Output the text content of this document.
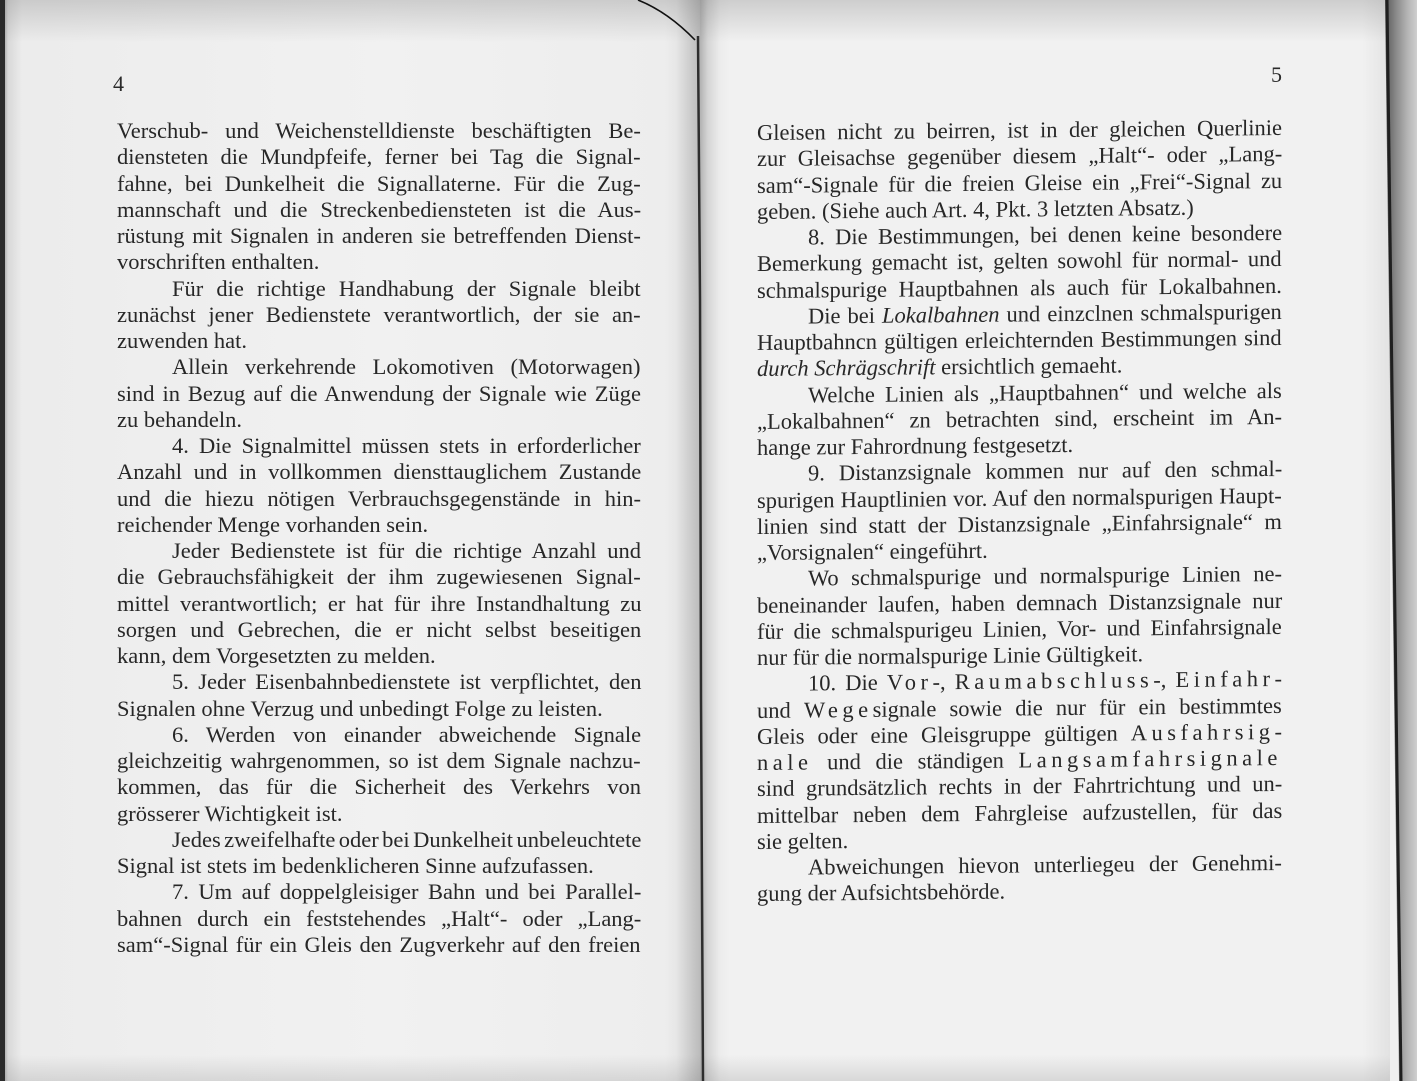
4
Verschub- und Weichenstelldienste beschäftigten Be-
diensteten die Mundpfeife, ferner bei Tag die Signal-
fahne, bei Dunkelheit die Signallaterne. Für die Zug-
mannschaft und die Streckenbediensteten ist die Aus-
rüstung mit Signalen in anderen sie betreffenden Dienst-
vorschriften enthalten.
Für die richtige Handhabung der Signale bleibt
zunächst jener Bedienstete verantwortlich, der sie an-
zuwenden hat.
Allein verkehrende Lokomotiven (Motorwagen)
sind in Bezug auf die Anwendung der Signale wie Züge
zu behandeln.
4. Die Signalmittel müssen stets in erforderlicher
Anzahl und in vollkommen diensttauglichem Zustande
und die hiezu nötigen Verbrauchsgegenstände in hin-
reichender Menge vorhanden sein.
Jeder Bedienstete ist für die richtige Anzahl und
die Gebrauchsfähigkeit der ihm zugewiesenen Signal-
mittel verantwortlich; er hat für ihre Instandhaltung zu
sorgen und Gebrechen, die er nicht selbst beseitigen
kann, dem Vorgesetzten zu melden.
5. Jeder Eisenbahnbedienstete ist verpflichtet, den
Signalen ohne Verzug und unbedingt Folge zu leisten.
6. Werden von einander abweichende Signale
gleichzeitig wahrgenommen, so ist dem Signale nachzu-
kommen, das für die Sicherheit des Verkehrs von
grösserer Wichtigkeit ist.
Jedes zweifelhafte oder bei Dunkelheit unbeleuchtete
Signal ist stets im bedenklicheren Sinne aufzufassen.
7. Um auf doppelgleisiger Bahn und bei Parallel-
bahnen durch ein feststehendes „Halt“- oder „Lang-
sam“-Signal für ein Gleis den Zugverkehr auf den freien
5
Gleisen nicht zu beirren, ist in der gleichen Querlinie
zur Gleisachse gegenüber diesem „Halt“- oder „Lang-
sam“-Signale für die freien Gleise ein „Frei“-Signal zu
geben. (Siehe auch Art. 4, Pkt. 3 letzten Absatz.)
8. Die Bestimmungen, bei denen keine besondere
Bemerkung gemacht ist, gelten sowohl für normal- und
schmalspurige Hauptbahnen als auch für Lokalbahnen.
Die bei Lokalbahnen und einzclnen schmalspurigen
Hauptbahncn gültigen erleichternden Bestimmungen sind
durch Schrägschrift ersichtlich gemaeht.
Welche Linien als „Hauptbahnen“ und welche als
„Lokalbahnen“ zn betrachten sind, erscheint im An-
hange zur Fahrordnung festgesetzt.
9. Distanzsignale kommen nur auf den schmal-
spurigen Hauptlinien vor. Auf den normalspurigen Haupt-
linien sind statt der Distanzsignale „Einfahrsignale“ m
„Vorsignalen“ eingeführt.
Wo schmalspurige und normalspurige Linien ne-
beneinander laufen, haben demnach Distanzsignale nur
für die schmalspurigeu Linien, Vor- und Einfahrsignale
nur für die normalspurige Linie Gültigkeit.
10. Die Vor-, Raumabschluss-, Einfahr-
und Wegesignale sowie die nur für ein bestimmtes
Gleis oder eine Gleisgruppe gültigen Ausfahrsig-
nale und die ständigen Langsamfahrsignale
sind grundsätzlich rechts in der Fahrtrichtung und un-
mittelbar neben dem Fahrgleise aufzustellen, für das
sie gelten.
Abweichungen hievon unterliegeu der Genehmi-
gung der Aufsichtsbehörde.
